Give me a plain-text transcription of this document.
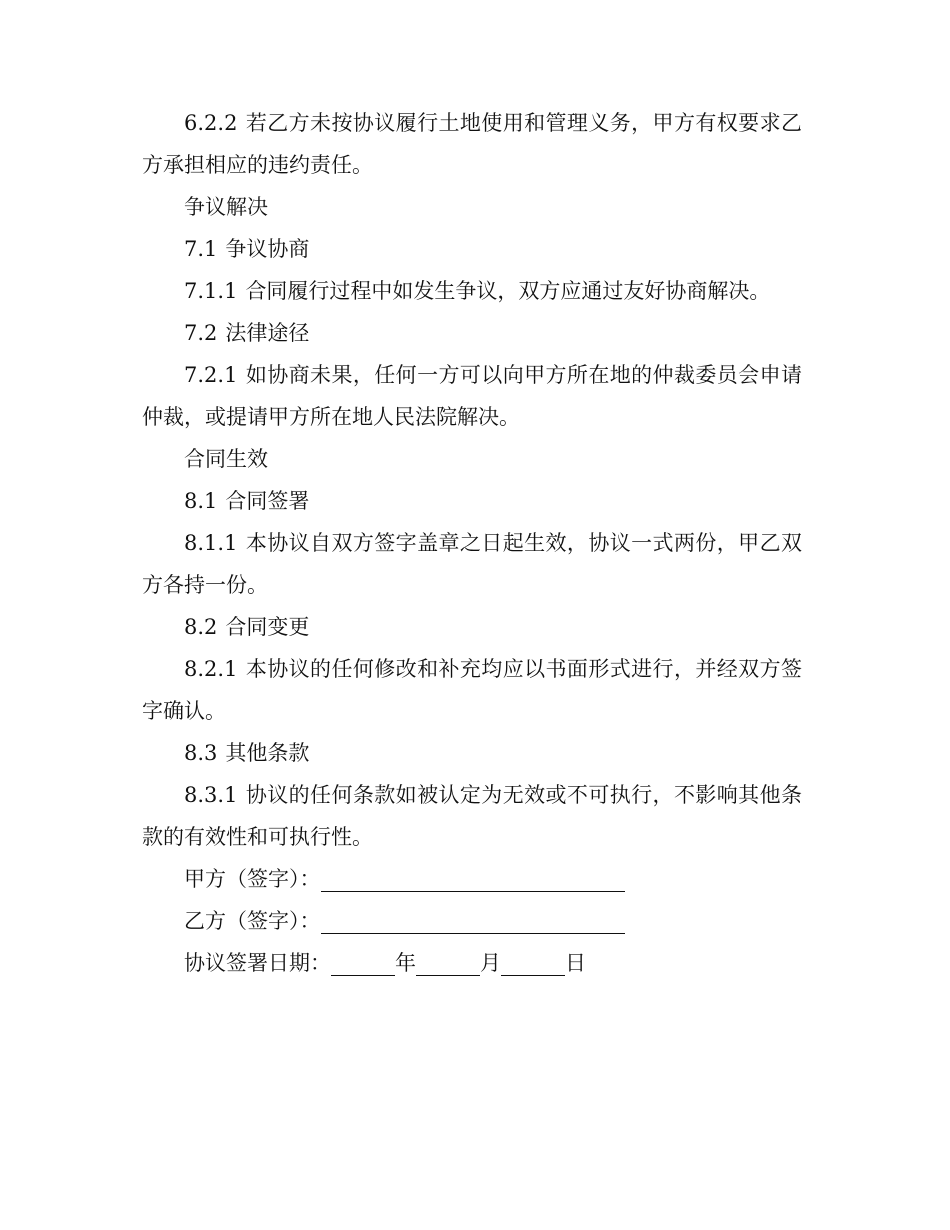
6.2.2 若乙方未按协议履行土地使用和管理义务，甲方有权要求乙方承担相应的违约责任。

争议解决

7.1 争议协商

7.1.1 合同履行过程中如发生争议，双方应通过友好协商解决。

7.2 法律途径

7.2.1 如协商未果，任何一方可以向甲方所在地的仲裁委员会申请仲裁，或提请甲方所在地人民法院解决。

合同生效

8.1 合同签署

8.1.1 本协议自双方签字盖章之日起生效，协议一式两份，甲乙双方各持一份。

8.2 合同变更

8.2.1 本协议的任何修改和补充均应以书面形式进行，并经双方签字确认。

8.3 其他条款

8.3.1 协议的任何条款如被认定为无效或不可执行，不影响其他条款的有效性和可执行性。

甲方（签字）：

乙方（签字）：

协议签署日期：	年	月	日
